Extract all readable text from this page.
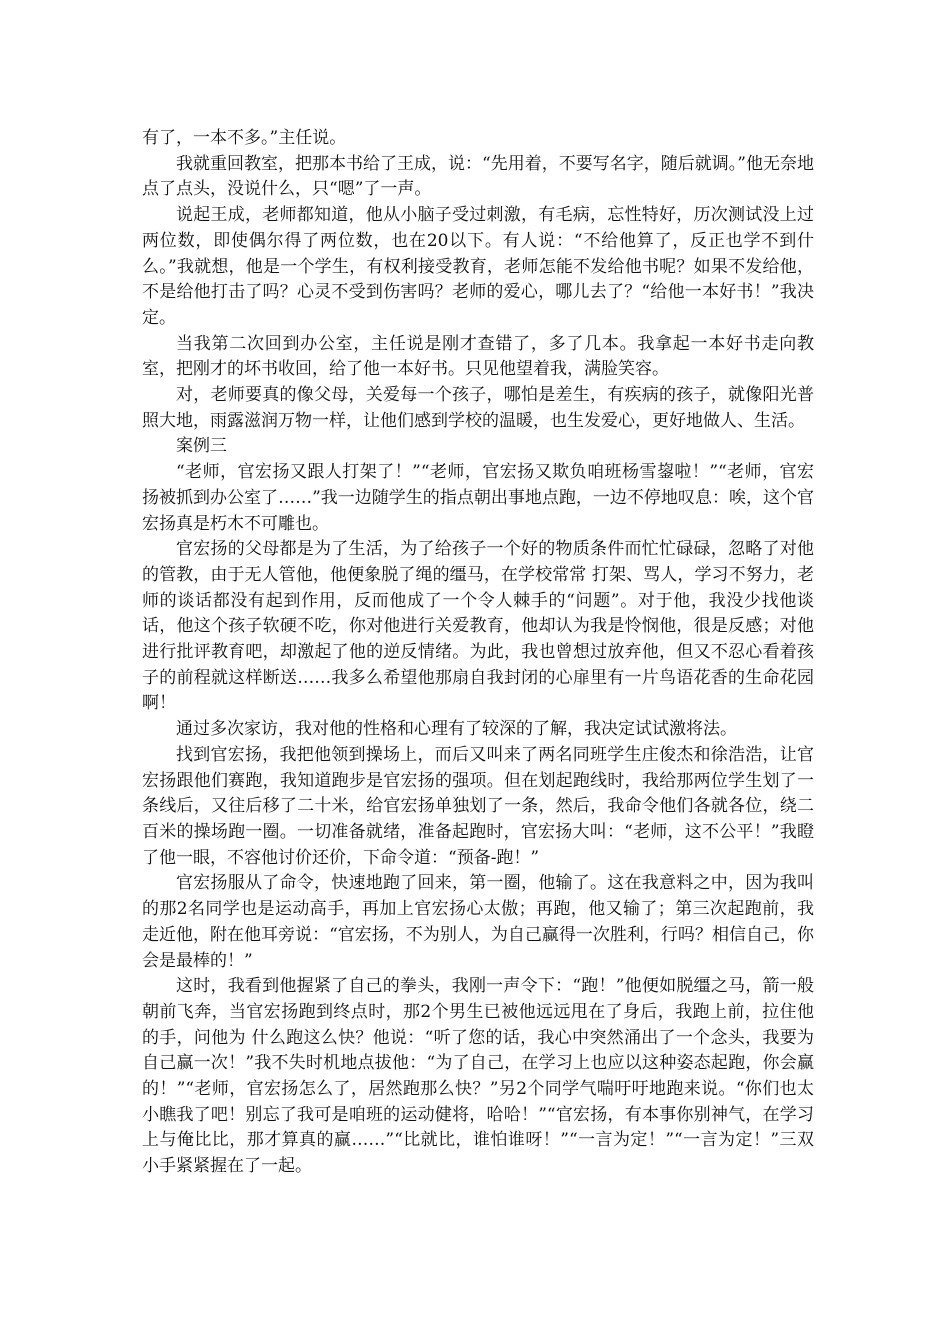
有了，一本不多。”主任说。

我就重回教室，把那本书给了王成，说：“先用着，不要写名字，随后就调。”他无奈地点了点头，没说什么，只“嗯”了一声。

说起王成，老师都知道，他从小脑子受过刺激，有毛病，忘性特好，历次测试没上过两位数，即使偶尔得了两位数，也在20以下。有人说：“不给他算了，反正也学不到什么。”我就想，他是一个学生，有权利接受教育，老师怎能不发给他书呢？如果不发给他，不是给他打击了吗？心灵不受到伤害吗？老师的爱心，哪儿去了？“给他一本好书！”我决定。

当我第二次回到办公室，主任说是刚才查错了，多了几本。我拿起一本好书走向教室，把刚才的坏书收回，给了他一本好书。只见他望着我，满脸笑容。

对，老师要真的像父母，关爱每一个孩子，哪怕是差生，有疾病的孩子，就像阳光普照大地，雨露滋润万物一样，让他们感到学校的温暖，也生发爱心，更好地做人、生活。

案例三

“老师，官宏扬又跟人打架了！”“老师，官宏扬又欺负咱班杨雪鋆啦！”“老师，官宏扬被抓到办公室了……”我一边随学生的指点朝出事地点跑，一边不停地叹息：唉，这个官宏扬真是朽木不可雕也。

官宏扬的父母都是为了生活，为了给孩子一个好的物质条件而忙忙碌碌，忽略了对他的管教，由于无人管他，他便象脱了绳的缰马，在学校常常 打架、骂人，学习不努力，老师的谈话都没有起到作用，反而他成了一个令人棘手的“问题”。对于他，我没少找他谈话，他这个孩子软硬不吃，你对他进行关爱教育，他却认为我是怜悯他，很是反感；对他进行批评教育吧，却激起了他的逆反情绪。为此，我也曾想过放弃他，但又不忍心看着孩子的前程就这样断送……我多么希望他那扇自我封闭的心扉里有一片鸟语花香的生命花园啊！

通过多次家访，我对他的性格和心理有了较深的了解，我决定试试激将法。

找到官宏扬，我把他领到操场上，而后又叫来了两名同班学生庄俊杰和徐浩浩，让官宏扬跟他们赛跑，我知道跑步是官宏扬的强项。但在划起跑线时，我给那两位学生划了一条线后，又往后移了二十米，给官宏扬单独划了一条，然后，我命令他们各就各位，绕二百米的操场跑一圈。一切准备就绪，准备起跑时，官宏扬大叫：“老师，这不公平！”我瞪了他一眼，不容他讨价还价，下命令道：“预备-跑！”

官宏扬服从了命令，快速地跑了回来，第一圈，他输了。这在我意料之中，因为我叫的那2名同学也是运动高手，再加上官宏扬心太傲；再跑，他又输了；第三次起跑前，我走近他，附在他耳旁说：“官宏扬，不为别人，为自己赢得一次胜利，行吗？相信自己，你会是最棒的！”

这时，我看到他握紧了自己的拳头，我刚一声令下：“跑！”他便如脱缰之马，箭一般朝前飞奔，当官宏扬跑到终点时，那2个男生已被他远远甩在了身后，我跑上前，拉住他的手，问他为 什么跑这么快？他说：“听了您的话，我心中突然涌出了一个念头，我要为自己赢一次！”我不失时机地点拔他：“为了自己，在学习上也应以这种姿态起跑，你会赢的！”“老师，官宏扬怎么了，居然跑那么快？”另2个同学气喘吁吁地跑来说。“你们也太小瞧我了吧！别忘了我可是咱班的运动健将，哈哈！”“官宏扬，有本事你别神气，在学习上与俺比比，那才算真的赢……”“比就比，谁怕谁呀！”“一言为定！”“一言为定！”三双小手紧紧握在了一起。
